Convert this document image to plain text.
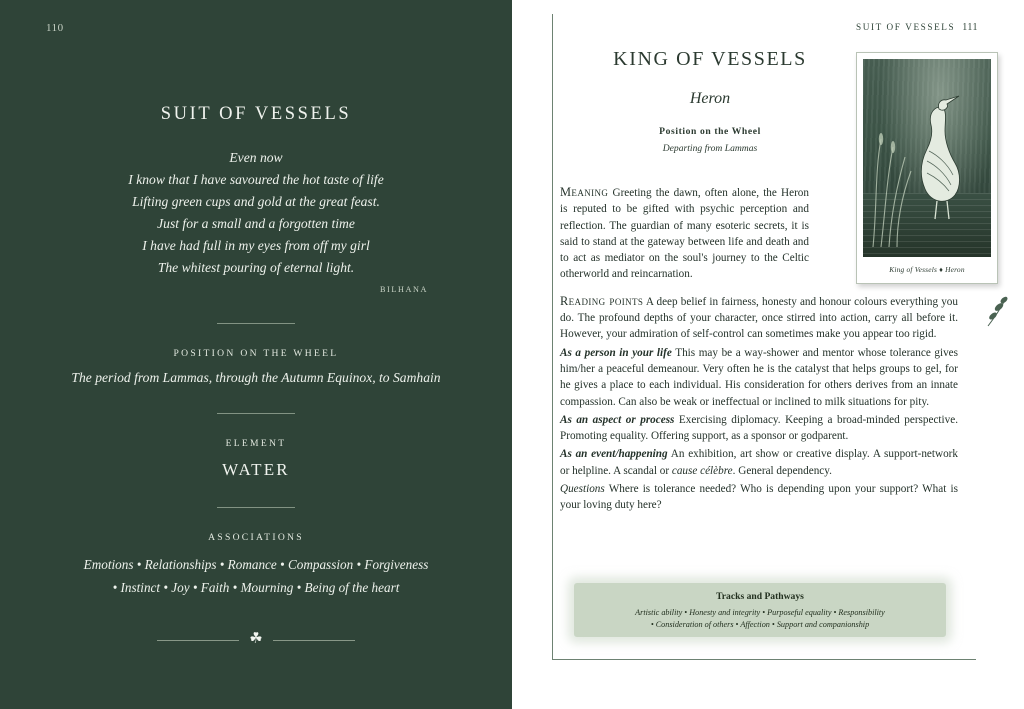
110
SUIT OF VESSELS
Even now
I know that I have savoured the hot taste of life
Lifting green cups and gold at the great feast.
Just for a small and a forgotten time
I have had full in my eyes from off my girl
The whitest pouring of eternal light.
BILHANA
POSITION ON THE WHEEL
The period from Lammas, through the Autumn Equinox, to Samhain
ELEMENT
WATER
ASSOCIATIONS
Emotions • Relationships • Romance • Compassion • Forgiveness
• Instinct • Joy • Faith • Mourning • Being of the heart
☘
SUIT OF VESSELS 111
KING OF VESSELS
Heron
Position on the Wheel
Departing from Lammas
King of Vessels ♦ Heron

Meaning Greeting the dawn, often alone, the Heron is reputed to be gifted with psychic perception and reflection. The guardian of many esoteric secrets, it is said to stand at the gateway between life and death and to act as mediator on the soul's journey to the Celtic otherworld and reincarnation.

Reading points A deep belief in fairness, honesty and honour colours everything you do. The profound depths of your character, once stirred into action, carry all before it. However, your admiration of self-control can sometimes make you appear too rigid.

As a person in your life This may be a way-shower and mentor whose tolerance gives him/her a peaceful demeanour. Very often he is the catalyst that helps groups to gel, for he gives a place to each individual. His consideration for others derives from an innate compassion. Can also be weak or ineffectual or inclined to milk situations for pity.

As an aspect or process Exercising diplomacy. Keeping a broad-minded perspective. Promoting equality. Offering support, as a sponsor or godparent.

As an event/happening An exhibition, art show or creative display. A support-network or helpline. A scandal or cause célèbre. General dependency.

Questions Where is tolerance needed? Who is depending upon your support? What is your loving duty here?

Tracks and Pathways
Artistic ability • Honesty and integrity • Purposeful equality • Responsibility
• Consideration of others • Affection • Support and companionship
